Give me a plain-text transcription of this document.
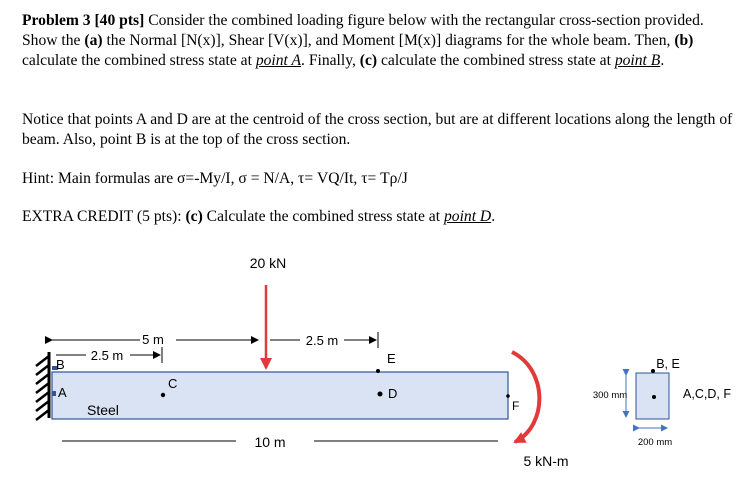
Problem 3 [40 pts] Consider the combined loading figure below with the rectangular cross-section provided. Show the (a) the Normal [N(x)], Shear [V(x)], and Moment [M(x)] diagrams for the whole beam. Then, (b) calculate the combined stress state at point A. Finally, (c) calculate the combined stress state at point B.

Notice that points A and D are at the centroid of the cross section, but are at different locations along the length of beam. Also, point B is at the top of the cross section.

Hint: Main formulas are σ=-My/I, σ = N/A, τ= VQ/It, τ= Tρ/J

EXTRA CREDIT (5 pts): (c) Calculate the combined stress state at point D.

20 kN
5 m	2.5 m
2.5 m
10 m
B
A
C
E
D
F
Steel
5 kN-m
300 mm
200 mm
B, E
A,C,D, F
